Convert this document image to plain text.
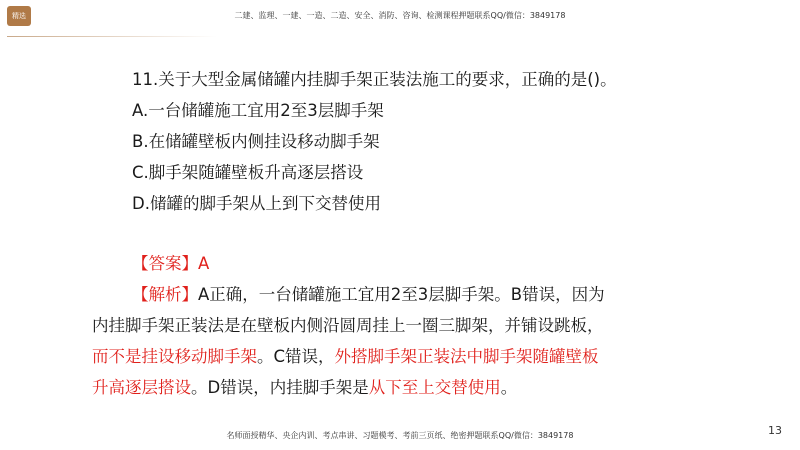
精选	二建、监理、一建、一造、二造、安全、消防、咨询、检测课程押题联系QQ/微信：3849178
11.关于大型金属储罐内挂脚手架正装法施工的要求，正确的是()。
A.一台储罐施工宜用2至3层脚手架
B.在储罐壁板内侧挂设移动脚手架
C.脚手架随罐壁板升高逐层搭设
D.储罐的脚手架从上到下交替使用
【答案】A
【解析】A正确，一台储罐施工宜用2至3层脚手架。B错误，因为
内挂脚手架正装法是在壁板内侧沿圆周挂上一圈三脚架，并铺设跳板，
而不是挂设移动脚手架。C错误，外搭脚手架正装法中脚手架随罐壁板
升高逐层搭设。D错误，内挂脚手架是从下至上交替使用。
名师面授精华、央企内训、考点串讲、习题模考、考前三页纸、绝密押题联系QQ/微信：3849178	13
